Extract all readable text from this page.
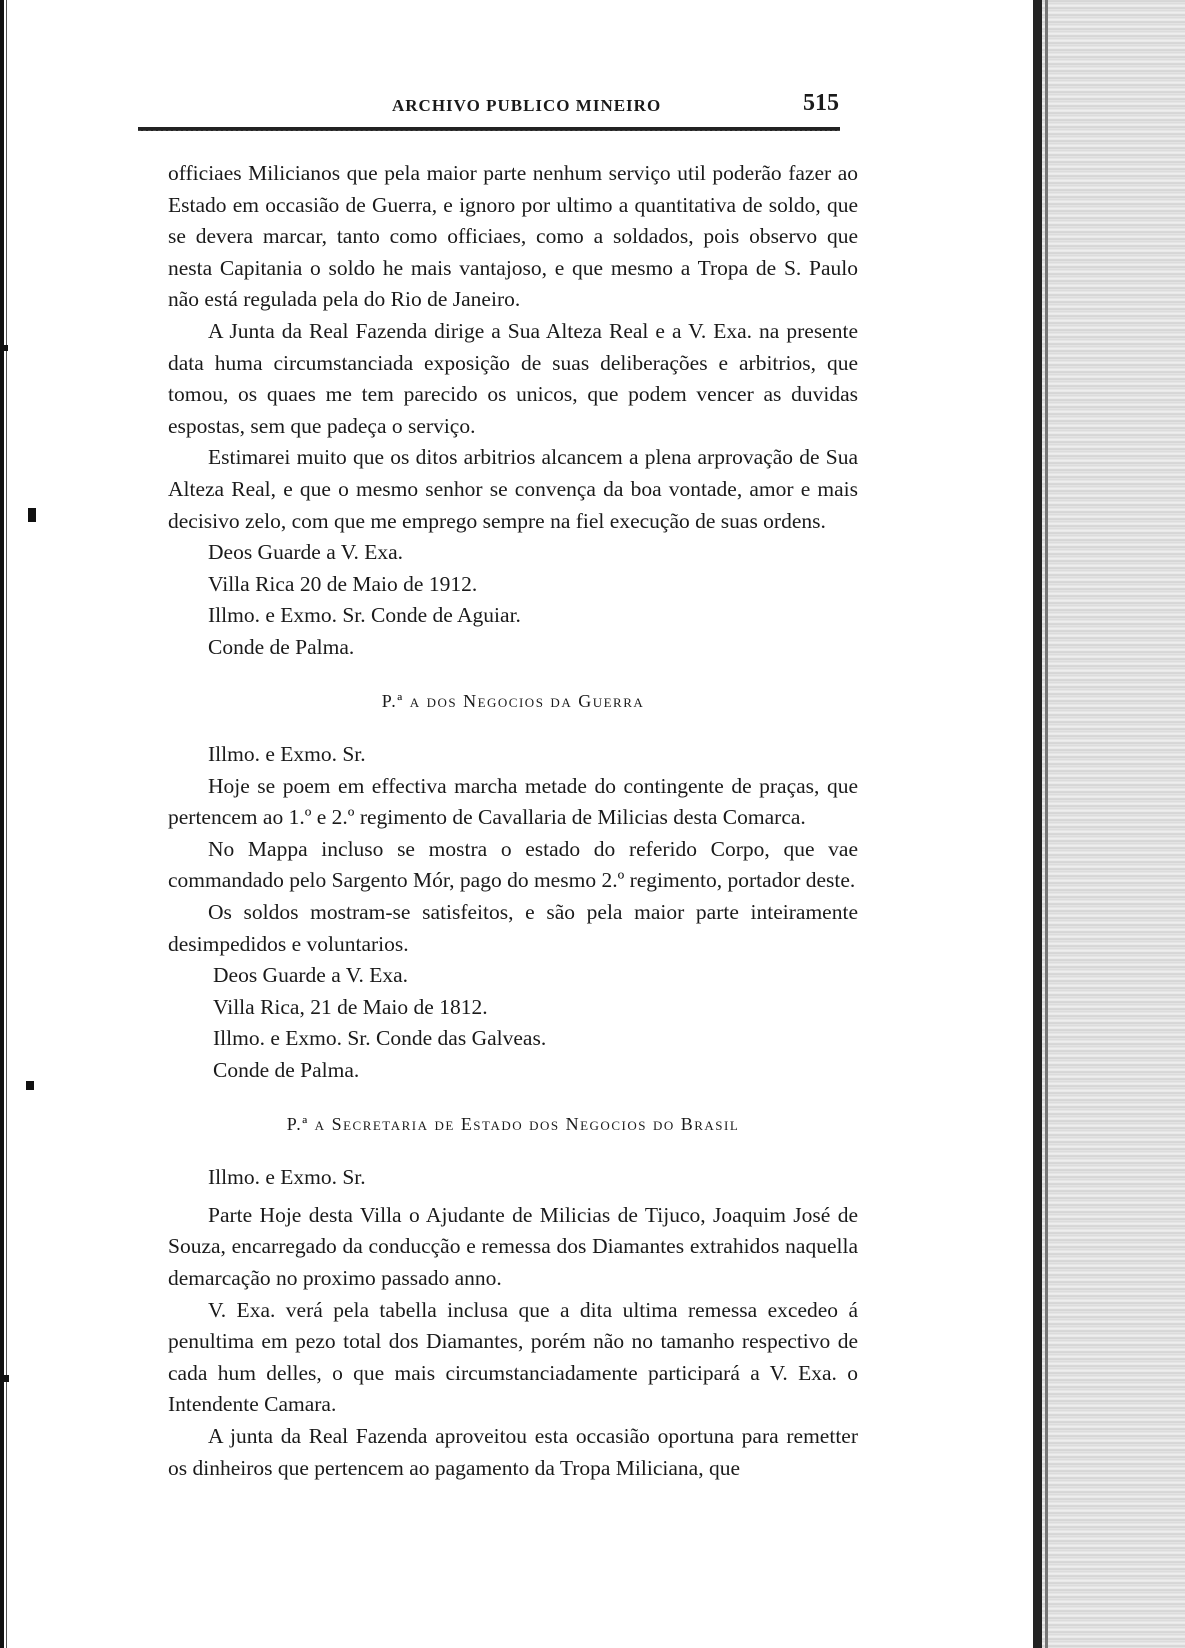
ARCHIVO PUBLICO MINEIRO	515

officiaes Milicianos que pela maior parte nenhum serviço util poderão fazer ao Estado em occasião de Guerra, e ignoro por ultimo a quantitativa de soldo, que se devera marcar, tanto como officiaes, como a soldados, pois observo que nesta Capitania o soldo he mais vantajoso, e que mesmo a Tropa de S. Paulo não está regulada pela do Rio de Janeiro.

A Junta da Real Fazenda dirige a Sua Alteza Real e a V. Exa. na presente data huma circumstanciada exposição de suas deliberações e arbitrios, que tomou, os quaes me tem parecido os unicos, que podem vencer as duvidas espostas, sem que padeça o serviço.

Estimarei muito que os ditos arbitrios alcancem a plena arprovação de Sua Alteza Real, e que o mesmo senhor se convença da boa vontade, amor e mais decisivo zelo, com que me emprego sempre na fiel execução de suas ordens.

Deos Guarde a V. Exa.

Villa Rica 20 de Maio de 1912.

Illmo. e Exmo. Sr. Conde de Aguiar.

Conde de Palma.

P.ª a dos Negocios da Guerra

Illmo. e Exmo. Sr.

Hoje se poem em effectiva marcha metade do contingente de praças, que pertencem ao 1.º e 2.º regimento de Cavallaria de Milicias desta Comarca.

No Mappa incluso se mostra o estado do referido Corpo, que vae commandado pelo Sargento Mór, pago do mesmo 2.º regimento, portador deste.

Os soldos mostram-se satisfeitos, e são pela maior parte inteiramente desimpedidos e voluntarios.

Deos Guarde a V. Exa.

Villa Rica, 21 de Maio de 1812.

Illmo. e Exmo. Sr. Conde das Galveas.

Conde de Palma.

P.ª a Secretaria de Estado dos Negocios do Brasil

Illmo. e Exmo. Sr.

Parte Hoje desta Villa o Ajudante de Milicias de Tijuco, Joaquim José de Souza, encarregado da conducção e remessa dos Diamantes extrahidos naquella demarcação no proximo passado anno.

V. Exa. verá pela tabella inclusa que a dita ultima remessa excedeo á penultima em pezo total dos Diamantes, porém não no tamanho respectivo de cada hum delles, o que mais circumstanciadamente participará a V. Exa. o Intendente Camara.

A junta da Real Fazenda aproveitou esta occasião oportuna para remetter os dinheiros que pertencem ao pagamento da Tropa Miliciana, que
